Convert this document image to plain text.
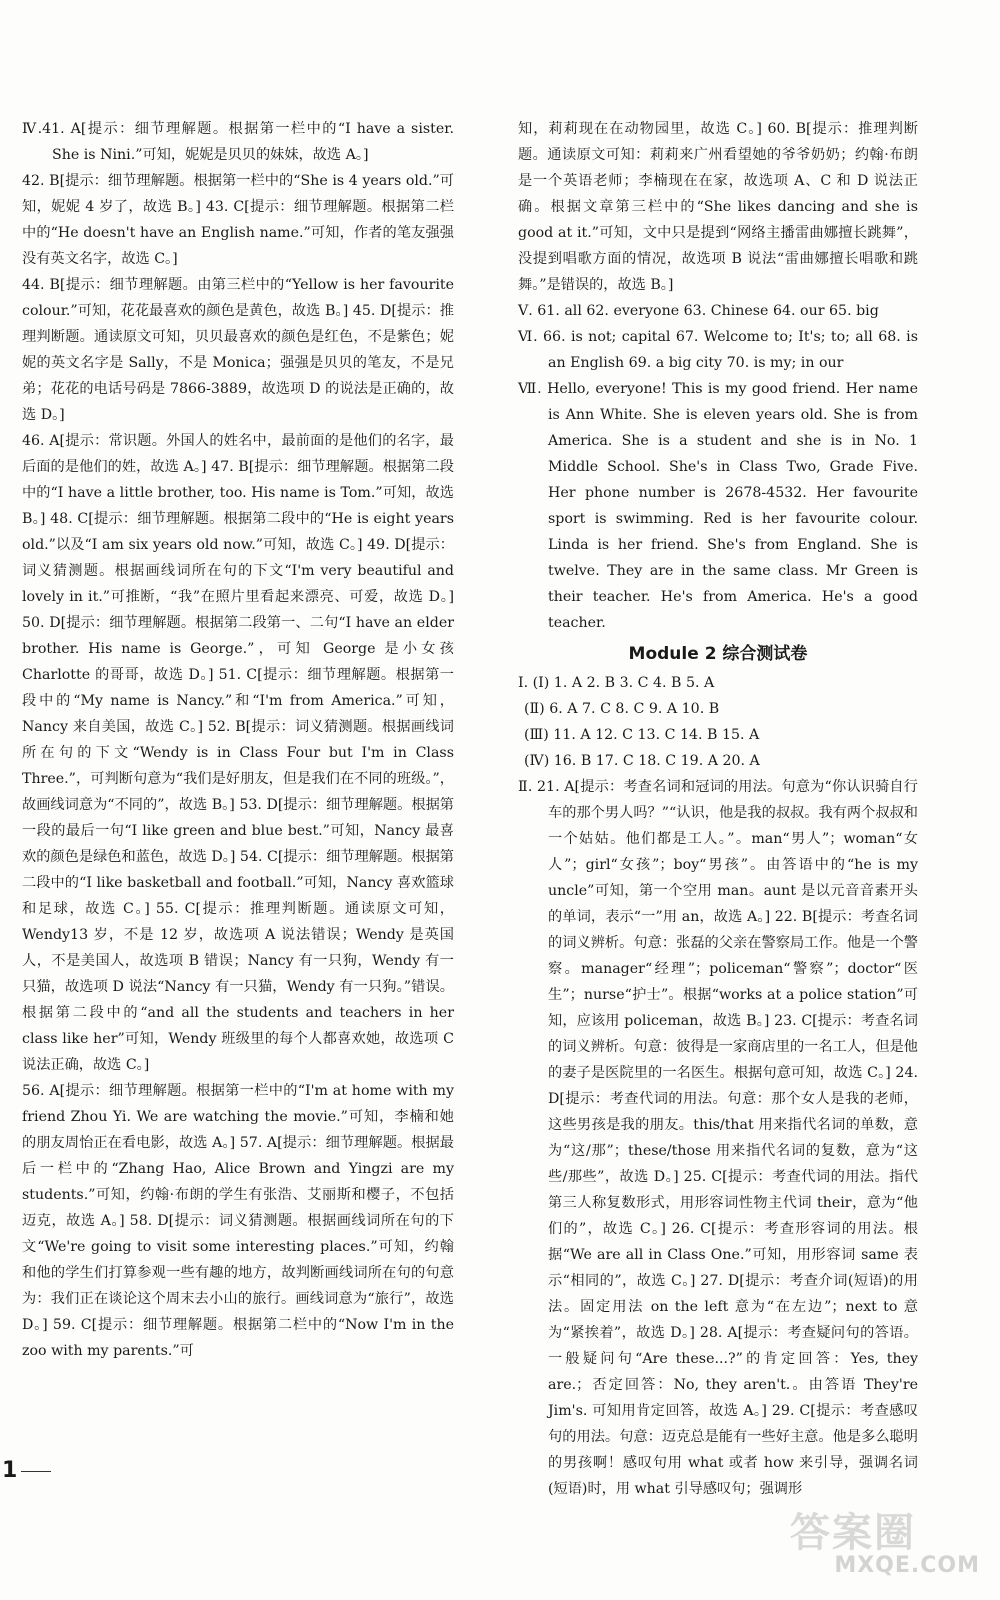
Ⅳ.41. A[提示：细节理解题。根据第一栏中的“I have a sister. She is Nini.”可知，妮妮是贝贝的妹妹，故选 A。]

42. B[提示：细节理解题。根据第一栏中的“She is 4 years old.”可知，妮妮 4 岁了，故选 B。] 43. C[提示：细节理解题。根据第二栏中的“He doesn't have an English name.”可知，作者的笔友强强没有英文名字，故选 C。]

44. B[提示：细节理解题。由第三栏中的“Yellow is her favourite colour.”可知，花花最喜欢的颜色是黄色，故选 B。] 45. D[提示：推理判断题。通读原文可知，贝贝最喜欢的颜色是红色，不是紫色；妮妮的英文名字是 Sally，不是 Monica；强强是贝贝的笔友，不是兄弟；花花的电话号码是 7866-3889，故选项 D 的说法是正确的，故选 D。]

46. A[提示：常识题。外国人的姓名中，最前面的是他们的名字，最后面的是他们的姓，故选 A。] 47. B[提示：细节理解题。根据第二段中的“I have a little brother, too. His name is Tom.”可知，故选 B。] 48. C[提示：细节理解题。根据第二段中的“He is eight years old.”以及“I am six years old now.”可知，故选 C。] 49. D[提示：词义猜测题。根据画线词所在句的下文“I'm very beautiful and lovely in it.”可推断，“我”在照片里看起来漂亮、可爱，故选 D。] 50. D[提示：细节理解题。根据第二段第一、二句“I have an elder brother. His name is George.”，可知 George 是小女孩 Charlotte 的哥哥，故选 D。] 51. C[提示：细节理解题。根据第一段中的“My name is Nancy.”和“I'm from America.”可知，Nancy 来自美国，故选 C。] 52. B[提示：词义猜测题。根据画线词所在句的下文“Wendy is in Class Four but I'm in Class Three.”，可判断句意为“我们是好朋友，但是我们在不同的班级。”，故画线词意为“不同的”，故选 B。] 53. D[提示：细节理解题。根据第一段的最后一句“I like green and blue best.”可知，Nancy 最喜欢的颜色是绿色和蓝色，故选 D。] 54. C[提示：细节理解题。根据第二段中的“I like basketball and football.”可知，Nancy 喜欢篮球和足球，故选 C。] 55. C[提示：推理判断题。通读原文可知，Wendy13 岁，不是 12 岁，故选项 A 说法错误；Wendy 是英国人，不是美国人，故选项 B 错误；Nancy 有一只狗，Wendy 有一只猫，故选项 D 说法“Nancy 有一只猫，Wendy 有一只狗。”错误。根据第二段中的“and all the students and teachers in her class like her”可知，Wendy 班级里的每个人都喜欢她，故选项 C 说法正确，故选 C。]

56. A[提示：细节理解题。根据第一栏中的“I'm at home with my friend Zhou Yi. We are watching the movie.”可知，李楠和她的朋友周怡正在看电影，故选 A。] 57. A[提示：细节理解题。根据最后一栏中的“Zhang Hao, Alice Brown and Yingzi are my students.”可知，约翰·布朗的学生有张浩、艾丽斯和樱子，不包括迈克，故选 A。] 58. D[提示：词义猜测题。根据画线词所在句的下文“We're going to visit some interesting places.”可知，约翰和他的学生们打算参观一些有趣的地方，故判断画线词所在句的句意为：我们正在谈论这个周末去小山的旅行。画线词意为“旅行”，故选 D。] 59. C[提示：细节理解题。根据第二栏中的“Now I'm in the zoo with my parents.”可

知，莉莉现在在动物园里，故选 C。] 60. B[提示：推理判断题。通读原文可知：莉莉来广州看望她的爷爷奶奶；约翰·布朗是一个英语老师；李楠现在在家，故选项 A、C 和 D 说法正确。根据文章第三栏中的“She likes dancing and she is good at it.”可知，文中只是提到“网络主播雷曲娜擅长跳舞”，没提到唱歌方面的情况，故选项 B 说法“雷曲娜擅长唱歌和跳舞。”是错误的，故选 B。]

Ⅴ. 61. all 62. everyone 63. Chinese 64. our 65. big

Ⅵ. 66. is not; capital 67. Welcome to; It's; to; all 68. is an English 69. a big city 70. is my; in our

Ⅶ. Hello, everyone! This is my good friend. Her name is Ann White. She is eleven years old. She is from America. She is a student and she is in No. 1 Middle School. She's in Class Two, Grade Five. Her phone number is 2678-4532. Her favourite sport is swimming. Red is her favourite colour. Linda is her friend. She's from England. She is twelve. They are in the same class. Mr Green is their teacher. He's from America. He's a good teacher.

Module 2 综合测试卷

Ⅰ. (Ⅰ) 1. A 2. B 3. C 4. B 5. A

(Ⅱ) 6. A 7. C 8. C 9. A 10. B

(Ⅲ) 11. A 12. C 13. C 14. B 15. A

(Ⅳ) 16. B 17. C 18. C 19. A 20. A

Ⅱ. 21. A[提示：考查名词和冠词的用法。句意为“你认识骑自行车的那个男人吗？”“认识，他是我的叔叔。我有两个叔叔和一个姑姑。他们都是工人。”。man“男人”；woman“女人”；girl“女孩”；boy“男孩”。由答语中的“he is my uncle”可知，第一个空用 man。aunt 是以元音音素开头的单词，表示“一”用 an，故选 A。] 22. B[提示：考查名词的词义辨析。句意：张磊的父亲在警察局工作。他是一个警察。manager“经理”；policeman“警察”；doctor“医生”；nurse“护士”。根据“works at a police station”可知，应该用 policeman，故选 B。] 23. C[提示：考查名词的词义辨析。句意：彼得是一家商店里的一名工人，但是他的妻子是医院里的一名医生。根据句意可知，故选 C。] 24. D[提示：考查代词的用法。句意：那个女人是我的老师，这些男孩是我的朋友。this/that 用来指代名词的单数，意为“这/那”；these/those 用来指代名词的复数，意为“这些/那些”，故选 D。] 25. C[提示：考查代词的用法。指代第三人称复数形式，用形容词性物主代词 their，意为“他们的”，故选 C。] 26. C[提示：考查形容词的用法。根据“We are all in Class One.”可知，用形容词 same 表示“相同的”，故选 C。] 27. D[提示：考查介词(短语)的用法。固定用法 on the left 意为“在左边”；next to 意为“紧挨着”，故选 D。] 28. A[提示：考查疑问句的答语。一般疑问句“Are these...?”的肯定回答：Yes, they are.；否定回答：No, they aren't.。由答语 They're Jim's. 可知用肯定回答，故选 A。] 29. C[提示：考查感叹句的用法。句意：迈克总是能有一些好主意。他是多么聪明的男孩啊！感叹句用 what 或者 how 来引导，强调名词(短语)时，用 what 引导感叹句；强调形

1
答案圈
MXQE.COM
